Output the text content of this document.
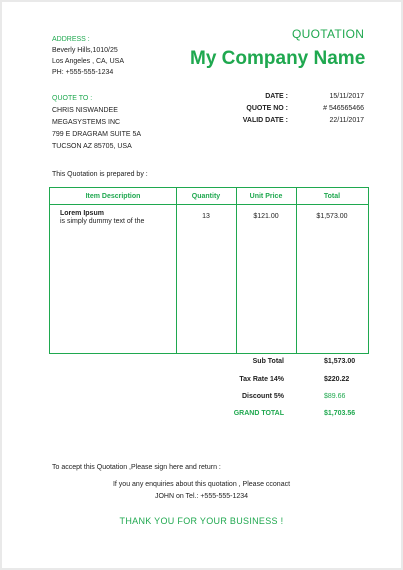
QUOTATION
My Company Name
ADDRESS :
Beverly Hills,1010/25
Los Angeles , CA, USA
PH: +555-555-1234
QUOTE TO :
CHRIS NISWANDEE
MEGASYSTEMS INC
799 E DRAGRAM SUITE 5A
TUCSON AZ 85705, USA
DATE :	15/11/2017
QUOTE NO :	# 546565466
VALID DATE :	22/11/2017
This Quotation is prepared by :
Item Description	Quantity	Unit Price	Total
Lorem Ipsum
is simply dummy text of the
13	$121.00	$1,573.00
Sub Total	$1,573.00
Tax Rate 14%	$220.22
Discount 5%	$89.66
GRAND TOTAL	$1,703.56
To accept this Quotation ,Please sign here and return :
If you any enquiries about this quotation , Please cconact
JOHN on Tel.: +555-555-1234
THANK YOU FOR YOUR BUSINESS !
